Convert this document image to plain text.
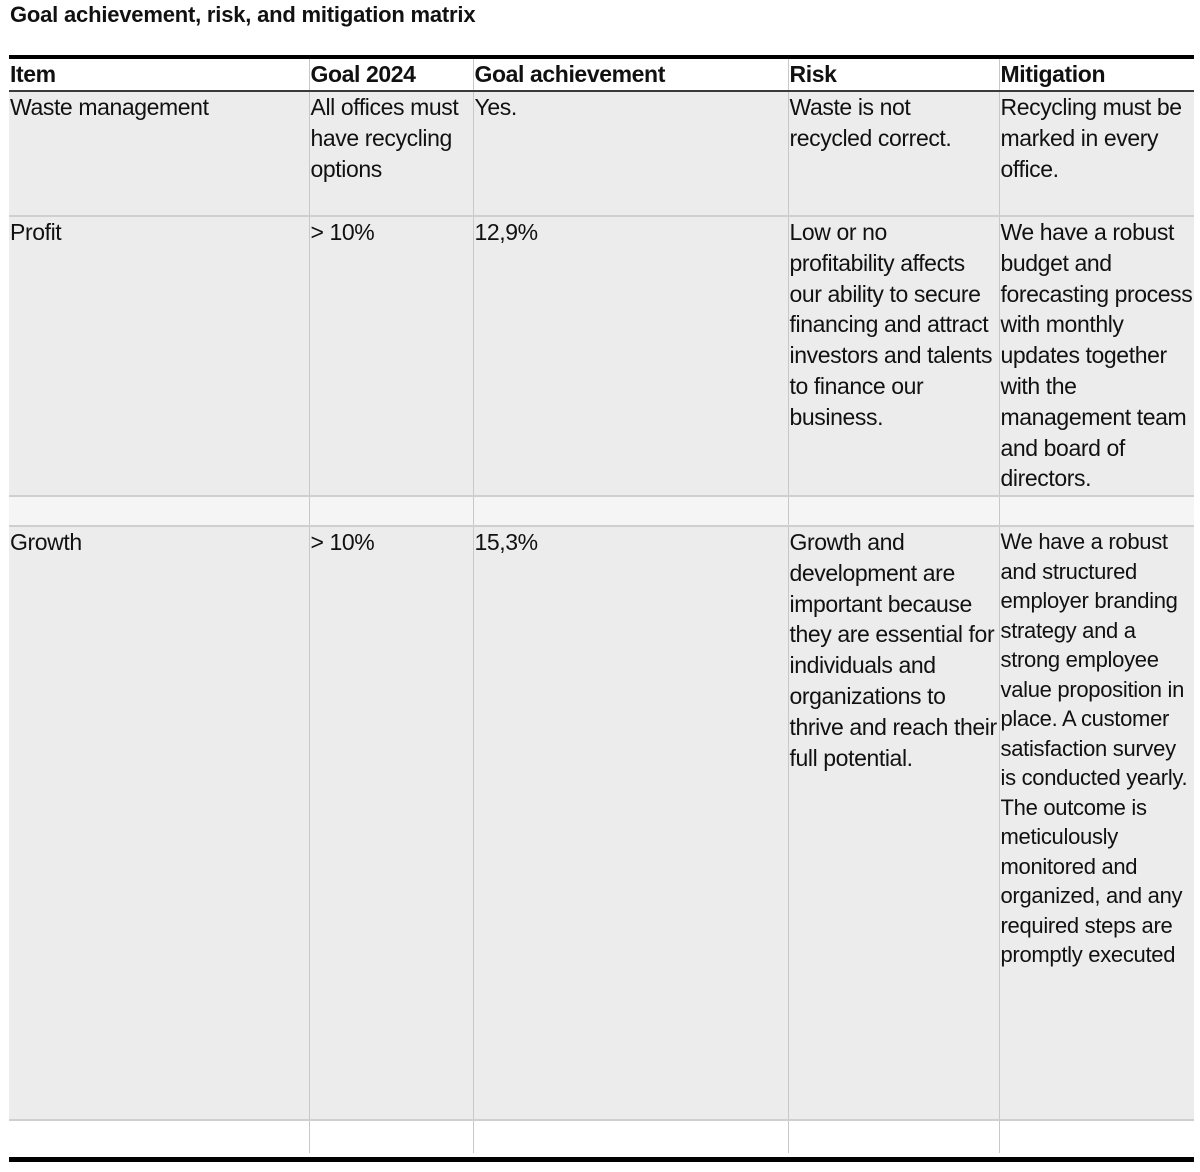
Goal achievement, risk, and mitigation matrix
Item	Goal 2024	Goal achievement	Risk	Mitigation
Waste management	All offices must have recycling options	Yes.	Waste is not recycled correct.	Recycling must be marked in every office.
Profit	> 10%	12,9%	Low or no profitability affects our ability to secure financing and attract investors and talents to finance our business.	We have a robust budget and forecasting process with monthly updates together with the management team and board of directors.

Growth	> 10%	15,3%	Growth and development are important because they are essential for individuals and organizations to thrive and reach their full potential.	We have a robust and structured employer branding strategy and a strong employee value proposition in place. A customer satisfaction survey is conducted yearly. The outcome is meticulously monitored and organized, and any required steps are promptly executed
